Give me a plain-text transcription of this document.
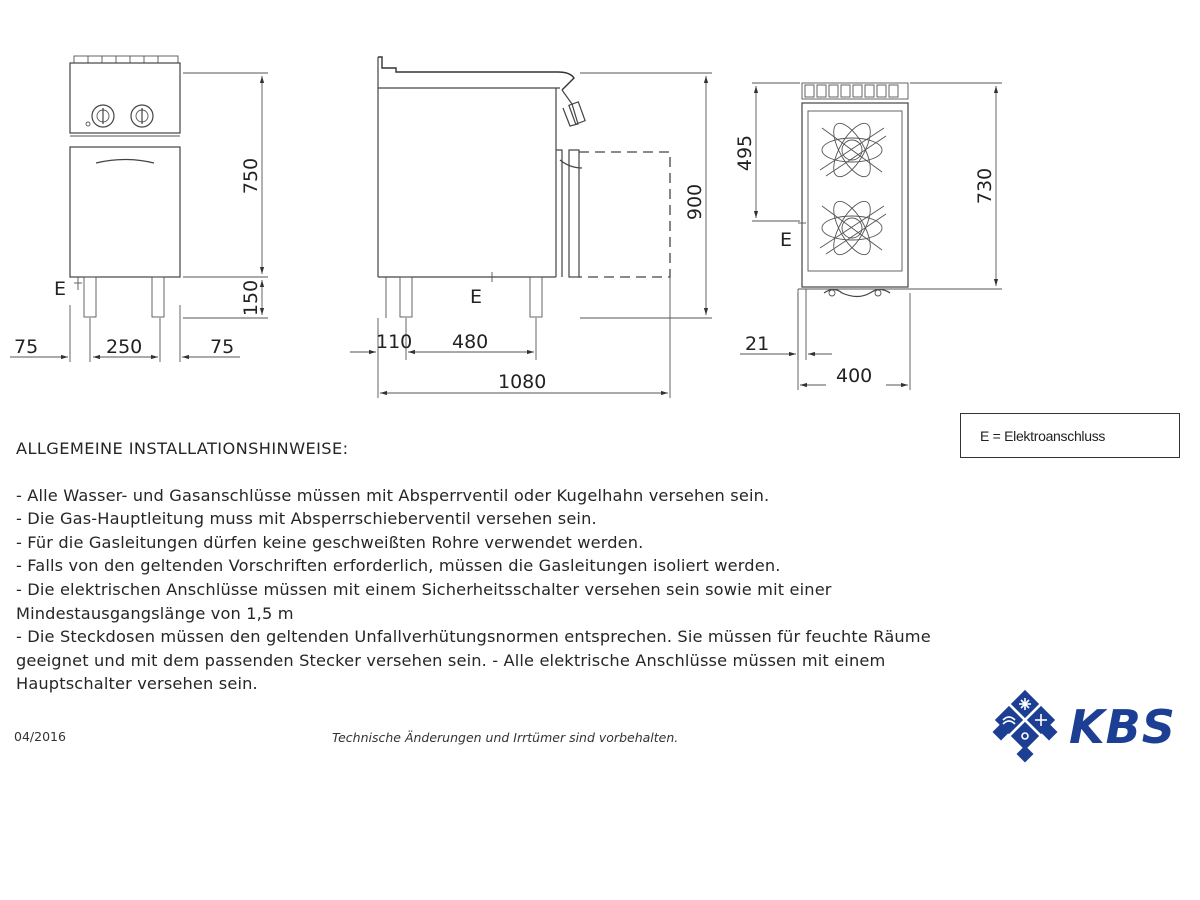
750
150
75	250	75
E
900
110 480
1080
E
495
730
21
400
E
E = Elektroanschluss

ALLGEMEINE INSTALLATIONSHINWEISE:

- Alle Wasser- und Gasanschlüsse müssen mit Absperrventil oder Kugelhahn versehen sein.

- Die Gas-Hauptleitung muss mit Absperrschieberventil versehen sein.

- Für die Gasleitungen dürfen keine geschweißten Rohre verwendet werden.

- Falls von den geltenden Vorschriften erforderlich, müssen die Gasleitungen isoliert werden.

- Die elektrischen Anschlüsse müssen mit einem Sicherheitsschalter versehen sein sowie mit einer Mindestausgangslänge von 1,5 m

- Die Steckdosen müssen den geltenden Unfallverhütungsnormen entsprechen. Sie müssen für feuchte Räume geeignet und mit dem passenden Stecker versehen sein. - Alle elektrische Anschlüsse müssen mit einem Hauptschalter versehen sein.

04/2016	Technische Änderungen und Irrtümer sind vorbehalten.	KBS
